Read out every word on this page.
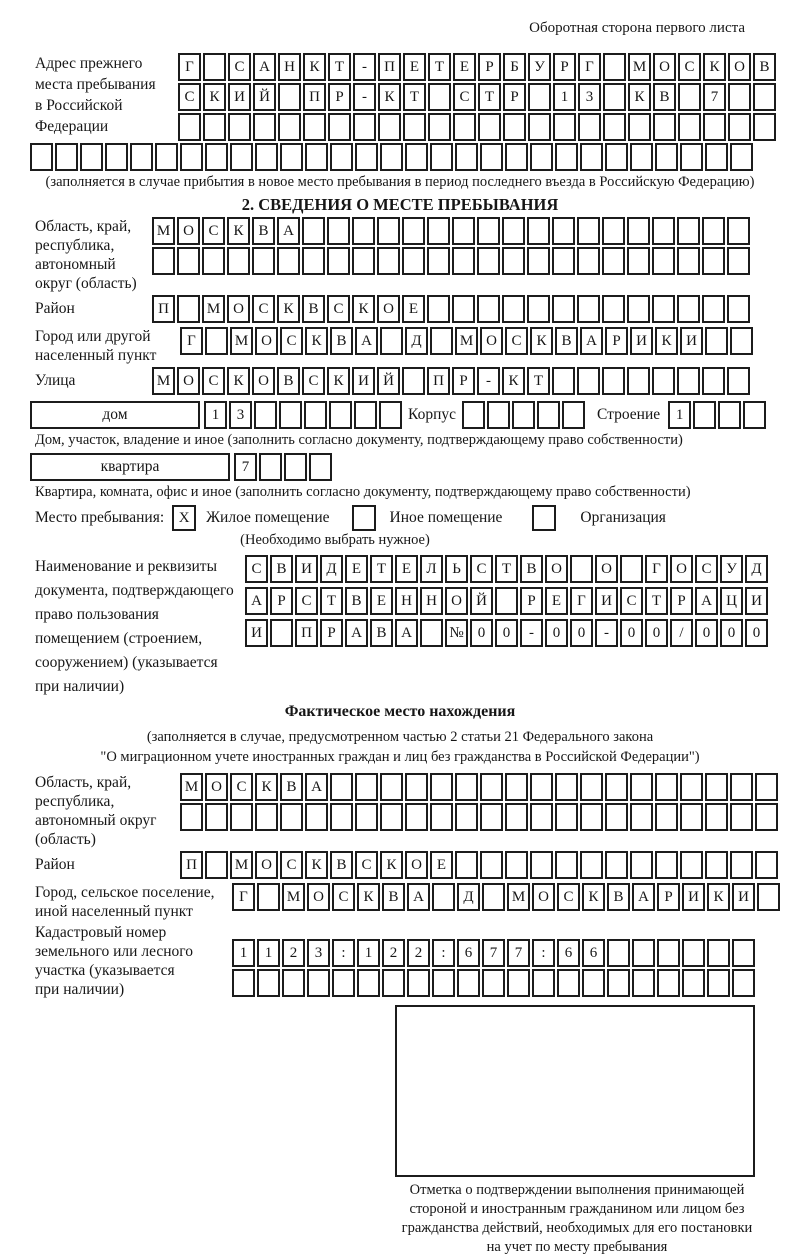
Оборотная сторона первого листа
Адрес прежнего
места пребывания
в Российской
Федерации
Г	С А Н К Т - П Е Т Е Р Б У Р Г	М О С К О В
С К И Й	П Р - К Т	С Т Р	1 3	К В	7
(заполняется в случае прибытия в новое место пребывания в период последнего въезда в Российскую Федерацию)
2. СВЕДЕНИЯ О МЕСТЕ ПРЕБЫВАНИЯ
Область, край,
республика,
автономный
округ (область)
М О С К В А
Район	П	М О С К В С К О Е
Город или другой
населенный пункт
Г	М О С К В А	Д	М О С К В А Р И К И
Улица	М О С К О В С К И Й	П Р - К Т
дом	1 3	Корпус	Строение 1
Дом, участок, владение и иное (заполнить согласно документу, подтверждающему право собственности)
квартира	7
Квартира, комната, офис и иное (заполнить согласно документу, подтверждающему право собственности)
Место пребывания: X	Жилое помещение	Иное помещение	Организация
(Необходимо выбрать нужное)
Наименование и реквизиты
документа, подтверждающего
право пользования
помещением (строением,
сооружением) (указывается
при наличии)
С В И Д Е Т Е Л Ь С Т В О	О	Г О С У Д
А Р С Т В Е Н Н О Й	Р Е Г И С Т Р А Ц И
И	П Р А В А № 0 0 - 0 0 - 0 0 / 0 0 0
Фактическое место нахождения
(заполняется в случае, предусмотренном частью 2 статьи 21 Федерального закона
"О миграционном учете иностранных граждан и лиц без гражданства в Российской Федерации")
Область, край,
республика,
автономный округ
(область)
М О С К В А
Район	П	М О С К В С К О Е
Город, сельское поселение,
иной населенный пункт
Г	М О С К В А	Д	М О С К В А Р И К И
Кадастровый номер
земельного или лесного
участка (указывается
при наличии)
1 1 2 3 : 1 2 2 : 6 7 7 : 6 6
Отметка о подтверждении выполнения принимающей
стороной и иностранным гражданином или лицом без
гражданства действий, необходимых для его постановки
на учет по месту пребывания
